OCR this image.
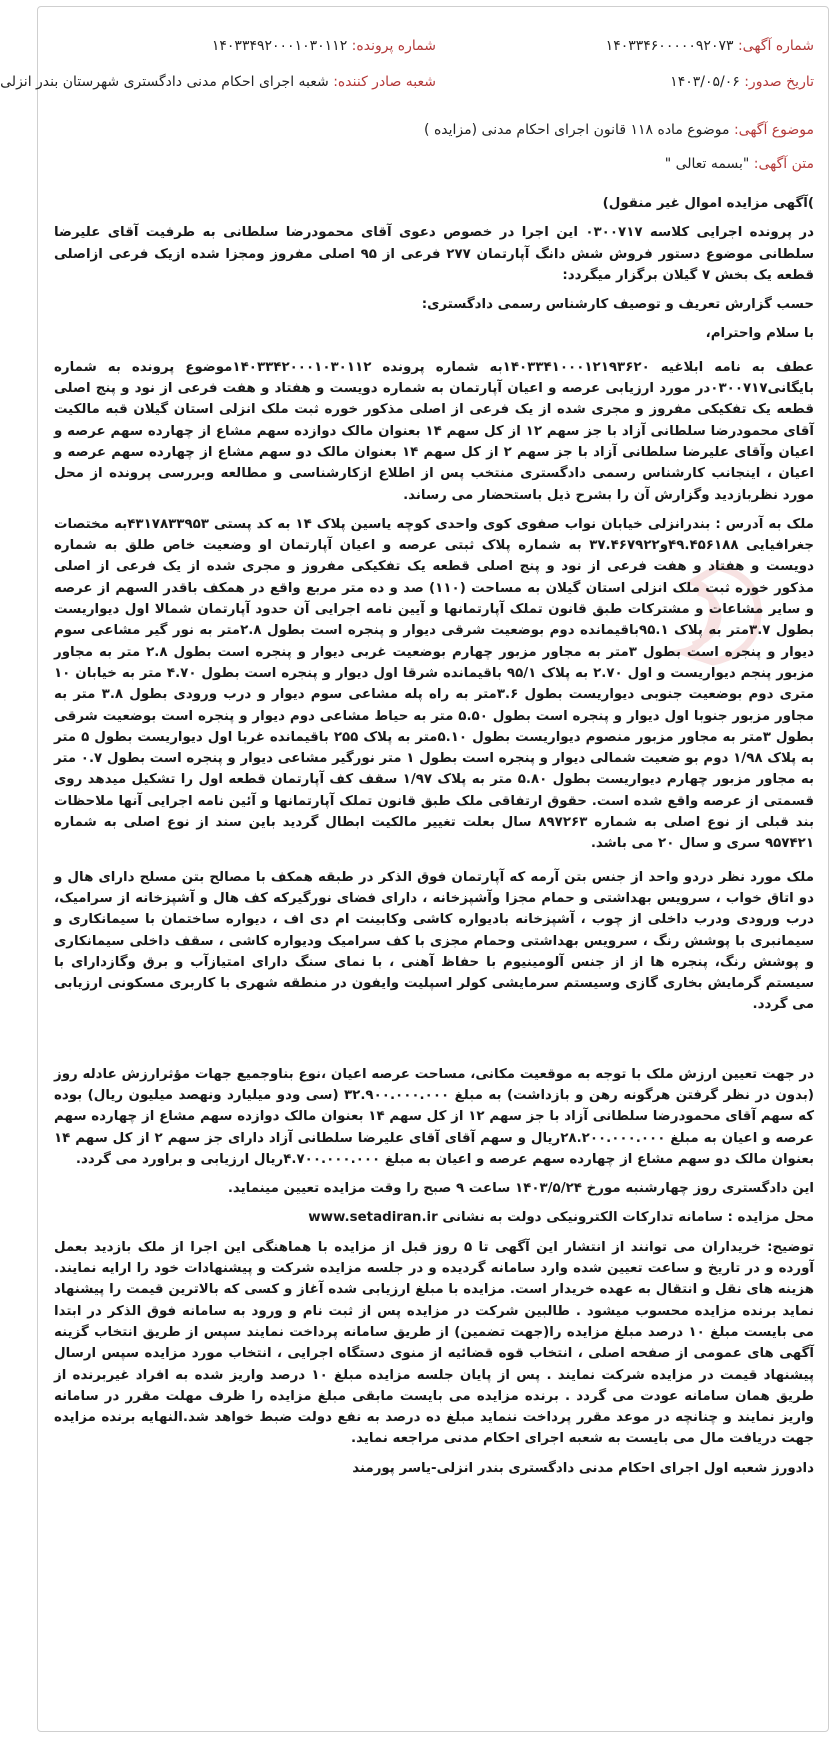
شماره آگهی: ۱۴۰۳۳۴۶۰۰۰۰۰۹۲۰۷۳
شماره پرونده: ۱۴۰۳۳۴۹۲۰۰۰۱۰۳۰۱۱۲
تاریخ صدور: ۱۴۰۳/۰۵/۰۶
شعبه صادر کننده: شعبه اجرای احکام مدنی دادگستری شهرستان بندر انزلی
موضوع آگهی: موضوع ماده ۱۱۸ قانون اجرای احکام مدنی (مزایده )
متن آگهی: "بسمه تعالی "

)آگهی مزایده اموال غیر منقول)

در پرونده اجرایی کلاسه ۰۳۰۰۷۱۷ این اجرا در خصوص دعوی آقای محمودرضا سلطانی به طرفیت آقای علیرضا سلطانی موضوع دستور فروش شش دانگ آپارتمان ۲۷۷ فرعی از ۹۵ اصلی مفروز ومجزا شده ازیک فرعی ازاصلی قطعه یک بخش ۷ گیلان برگزار میگردد:

حسب گزارش تعریف و توصیف کارشناس رسمی دادگستری:

با سلام واحترام،

عطف به نامه ابلاغیه ۱۴۰۳۳۴۱۰۰۰۱۲۱۹۳۶۲۰به شماره پرونده ۱۴۰۳۳۴۲۰۰۰۱۰۳۰۱۱۲موضوع پرونده به شماره بایگانی۰۳۰۰۷۱۷در مورد ارزیابی عرصه و اعیان آپارتمان به شماره دویست و هفتاد و هفت فرعی از نود و پنج اصلی قطعه یک تفکیکی مفروز و مجری شده از یک فرعی از اصلی مذکور خوره ثبت ملک انزلی استان گیلان قبه مالکیت آقای محمودرضا سلطانی آزاد با جز سهم ۱۲ از کل سهم ۱۴ بعنوان مالک دوازده سهم مشاع از چهارده سهم عرصه و اعیان وآقای علیرضا سلطانی آزاد با جز سهم ۲ از کل سهم ۱۴ بعنوان مالک دو سهم مشاع از چهارده سهم عرصه و اعیان ، اینجانب کارشناس رسمی دادگستری منتخب پس از اطلاع ازکارشناسی و مطالعه وبررسی پرونده از محل مورد نظربازدید وگزارش آن را بشرح ذیل باستحضار می رساند.

ملک به آدرس : بندرانزلی خیابان نواب صفوی کوی واحدی کوچه یاسین پلاک ۱۴ به کد پستی ۴۳۱۷۸۳۳۹۵۳به مختصات جغرافیایی ۴۹.۴۵۶۱۸۸و۳۷.۴۶۷۹۲۲ به شماره پلاک ثبتی عرصه و اعیان آپارتمان او وضعیت خاص طلق به شماره دویست و هفتاد و هفت فرعی از نود و پنج اصلی قطعه یک تفکیکی مفروز و مجری شده از یک فرعی از اصلی مذکور خوره ثبت ملک انزلی استان گیلان به مساحت (۱۱۰) صد و ده متر مربع واقع در همکف باقدر السهم از عرصه و سایر مشاعات و مشترکات طبق قانون تملک آپارتمانها و آیین نامه اجرایی آن حدود آپارتمان شمالا اول دیواریست بطول ۳.۷متر به پلاک ۹۵.۱باقیمانده دوم بوضعیت شرقی دیوار و پنجره است بطول ۲.۸متر به نور گیر مشاعی سوم دیوار و پنجره است بطول ۳متر به مجاور مزبور چهارم بوضعیت غربی دیوار و پنجره است بطول ۲.۸ متر به مجاور مزبور پنجم دیواریست و اول ۲.۷۰ به پلاک ۹۵/۱ باقیمانده شرقا اول دیوار و پنجره است بطول ۴.۷۰ متر به خیابان ۱۰ متری دوم بوضعیت جنوبی دیواریست بطول ۳.۶متر به راه پله مشاعی سوم دیوار و درب ورودی بطول ۳.۸ متر به مجاور مزبور جنوبا اول دیوار و پنجره است بطول ۵.۵۰ متر به حیاط مشاعی دوم دیوار و پنجره است بوضعیت شرقی بطول ۳متر به مجاور مزبور منصوم دیواریست بطول ۵.۱۰متر به پلاک ۲۵۵ باقیمانده غربا اول دیواریست بطول ۵ متر به پلاک ۱/۹۸ دوم بو ضعیت شمالی دیوار و پنجره است بطول ۱ متر نورگیر مشاعی دیوار و پنجره است بطول ۰.۷ متر به مجاور مزبور چهارم دیواریست بطول ۵.۸۰ متر به پلاک ۱/۹۷ سقف کف آپارتمان قطعه اول را تشکیل میدهد روی قسمتی از عرصه واقع شده است. حقوق ارتفاقی ملک طبق قانون تملک آپارتمانها و آئین نامه اجرایی آنها ملاحظات بند قبلی از نوع اصلی به شماره ۸۹۷۲۶۳ سال بعلت تغییر مالکیت ابطال گردید باین سند از نوع اصلی به شماره ۹۵۷۴۲۱ سری و سال ۲۰ می باشد.

ملک مورد نظر دردو واحد از جنس بتن آرمه که آپارتمان فوق الذکر در طبقه همکف با مصالح بتن مسلح دارای هال و دو اتاق خواب ، سرویس بهداشتی و حمام مجزا وآشپزخانه ، دارای فضای نورگیرکه کف هال و آشپزخانه از سرامیک، درب ورودی ودرب داخلی از چوب ، آشپزخانه بادیواره کاشی وکابینت ام دی اف ، دیواره ساختمان با سیمانکاری و سیمانبری با پوشش رنگ ، سرویس بهداشتی وحمام مجزی با کف سرامیک ودیواره کاشی ، سقف داخلی سیمانکاری و پوشش رنگ، پنجره ها از از جنس آلومینیوم با حفاظ آهنی ، با نمای سنگ دارای امتیازآب و برق وگازدارای با سیستم گرمایش بخاری گازی وسیستم سرمایشی کولر اسپلیت وایفون در منطقه شهری با کاربری مسکونی ارزیابی می گردد.

در جهت تعیین ارزش ملک با توجه به موقعیت مکانی، مساحت عرصه اعیان ،نوع بناوجمیع جهات مؤثرارزش عادله روز (بدون در نظر گرفتن هرگونه رهن و بازداشت) به مبلغ ۳۲.۹۰۰.۰۰۰.۰۰۰ (سی ودو میلیارد ونهصد میلیون ریال) بوده که سهم آقای محمودرضا سلطانی آزاد با جز سهم ۱۲ از کل سهم ۱۴ بعنوان مالک دوازده سهم مشاع از چهارده سهم عرصه و اعیان به مبلغ ۲۸.۲۰۰.۰۰۰.۰۰۰ریال و سهم آقای آقای علیرضا سلطانی آزاد دارای جز سهم ۲ از کل سهم ۱۴ بعنوان مالک دو سهم مشاع از چهارده سهم عرصه و اعیان به مبلغ ۴.۷۰۰.۰۰۰.۰۰۰ریال ارزیابی و براورد می گردد.

این دادگستری روز چهارشنبه مورخ ۱۴۰۳/۵/۲۴ ساعت ۹ صبح را وقت مزایده تعیین مینماید.

محل مزایده : سامانه تدارکات الکترونیکی دولت به نشانی www.setadiran.ir

توضیح: خریداران می توانند از انتشار این آگهی تا ۵ روز قبل از مزایده با هماهنگی این اجرا از ملک بازدید بعمل آورده و در تاریخ و ساعت تعیین شده وارد سامانه گردیده و در جلسه مزایده شرکت و پیشنهادات خود را ارایه نمایند. هزینه های نقل و انتقال به عهده خریدار است. مزایده با مبلغ ارزیابی شده آغاز و کسی که بالاترین قیمت را پیشنهاد نماید برنده مزایده محسوب میشود . طالبین شرکت در مزایده پس از ثبت نام و ورود به سامانه فوق الذکر در ابتدا می بایست مبلغ ۱۰ درصد مبلغ مزایده را(جهت تضمین) از طریق سامانه پرداخت نمایند سپس از طریق انتخاب گزینه آگهی های عمومی از صفحه اصلی ، انتخاب قوه قضائیه از منوی دستگاه اجرایی ، انتخاب مورد مزایده سپس ارسال پیشنهاد قیمت در مزایده شرکت نمایند . پس از پایان جلسه مزایده مبلغ ۱۰ درصد واریز شده به افراد غیربرنده از طریق همان سامانه عودت می گردد . برنده مزایده می بایست مابقی مبلغ مزایده را ظرف مهلت مقرر در سامانه واریز نمایند و چنانچه در موعد مقرر پرداخت ننماید مبلغ ده درصد به نفع دولت ضبط خواهد شد.النهایه برنده مزایده جهت دریافت مال می بایست به شعبه اجرای احکام مدنی مراجعه نماید.

دادورز شعبه اول اجرای احکام مدنی دادگستری بندر انزلی-یاسر پورمند
